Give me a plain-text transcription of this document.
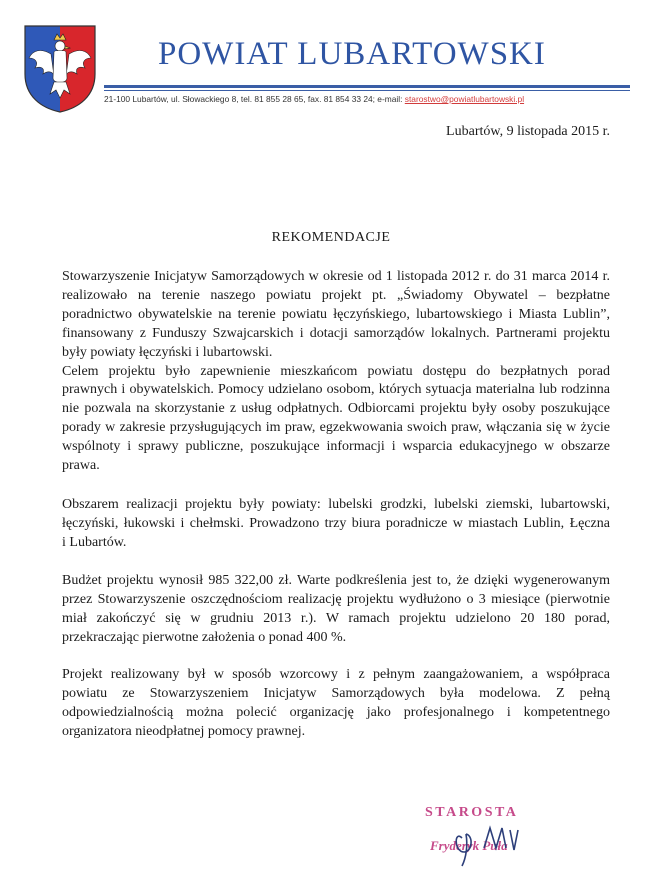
POWIAT LUBARTOWSKI
21-100 Lubartów, ul. Słowackiego 8, tel. 81 855 28 65, fax. 81 854 33 24; e-mail: starostwo@powiatlubartowski.pl
Lubartów, 9 listopada 2015 r.
REKOMENDACJE
Stowarzyszenie Inicjatyw Samorządowych w okresie od 1 listopada 2012 r. do 31 marca 2014 r.
realizowało na terenie naszego powiatu projekt pt. „Świadomy Obywatel – bezpłatne
poradnictwo obywatelskie na terenie powiatu łęczyńskiego, lubartowskiego i Miasta Lublin”,
finansowany z Funduszy Szwajcarskich i dotacji samorządów lokalnych. Partnerami projektu
były powiaty łęczyński i lubartowski.
Celem projektu było zapewnienie mieszkańcom powiatu dostępu do bezpłatnych porad
prawnych i obywatelskich. Pomocy udzielano osobom, których sytuacja materialna lub rodzinna
nie pozwala na skorzystanie z usług odpłatnych. Odbiorcami projektu były osoby poszukujące
porady w zakresie przysługujących im praw, egzekwowania swoich praw, włączania się w życie
wspólnoty i sprawy publiczne, poszukujące informacji i wsparcia edukacyjnego w obszarze
prawa.
Obszarem realizacji projektu były powiaty: lubelski grodzki, lubelski ziemski, lubartowski,
łęczyński, łukowski i chełmski. Prowadzono trzy biura poradnicze w miastach Lublin, Łęczna
i Lubartów.
Budżet projektu wynosił 985 322,00 zł. Warte podkreślenia jest to, że dzięki wygenerowanym
przez Stowarzyszenie oszczędnościom realizację projektu wydłużono o 3 miesiące (pierwotnie
miał zakończyć się w grudniu 2013 r.). W ramach projektu udzielono 20 180 porad,
przekraczając pierwotne założenia o ponad 400 %.
Projekt realizowany był w sposób wzorcowy i z pełnym zaangażowaniem, a współpraca
powiatu ze Stowarzyszeniem Inicjatyw Samorządowych była modelowa. Z pełną
odpowiedzialnością można polecić organizację jako profesjonalnego i kompetentnego
organizatora nieodpłatnej pomocy prawnej.
STAROSTA
Fryderyk Puła
